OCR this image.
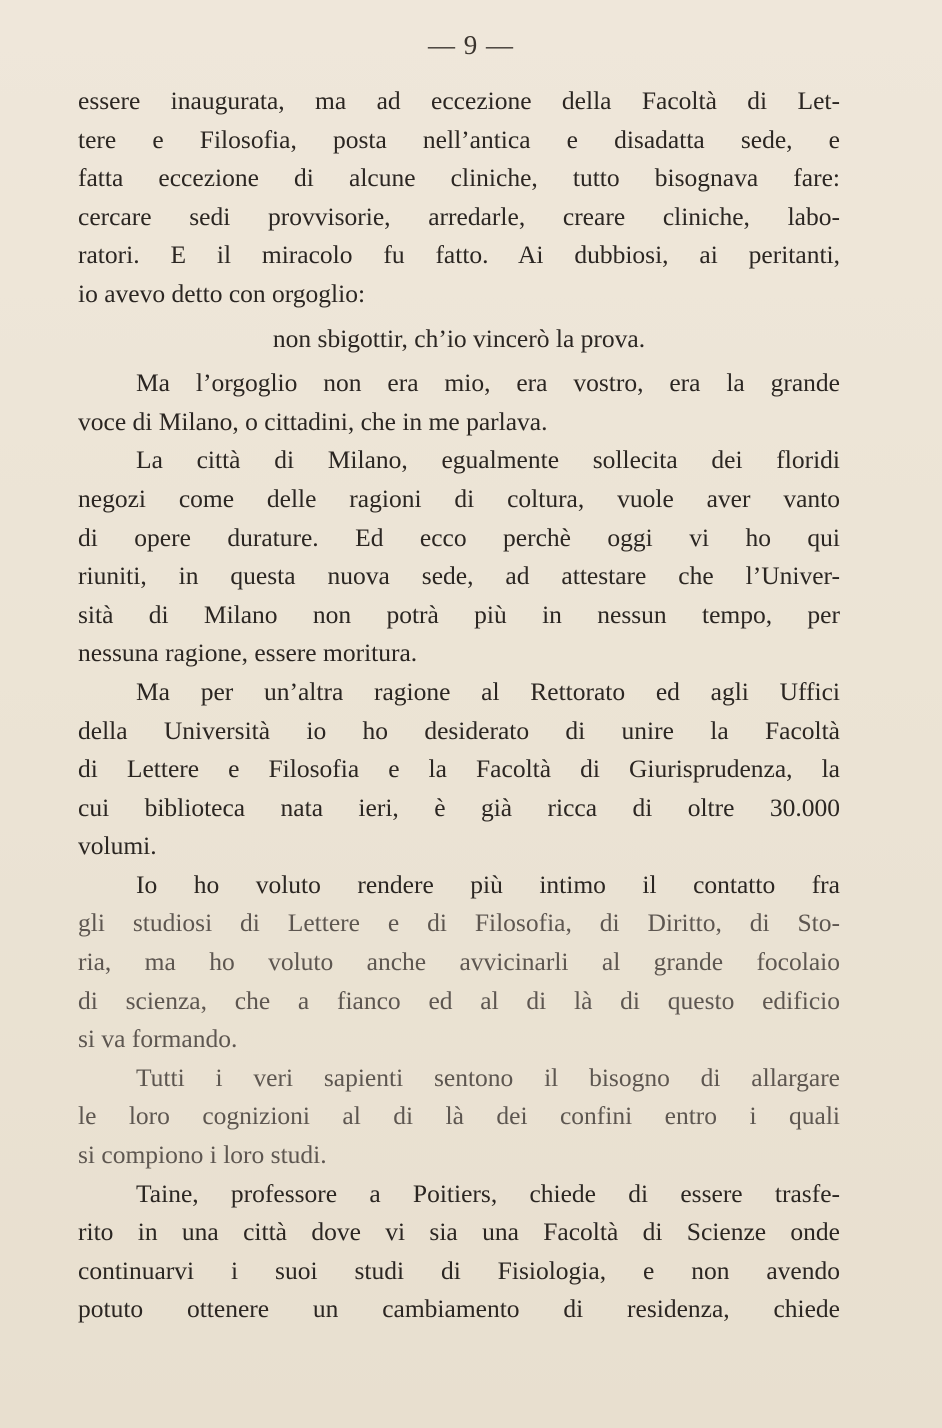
— 9 —
essere inaugurata, ma ad eccezione della Facoltà di Let-
tere e Filosofia, posta nell’antica e disadatta sede, e
fatta eccezione di alcune cliniche, tutto bisognava fare:
cercare sedi provvisorie, arredarle, creare cliniche, labo-
ratori. E il miracolo fu fatto. Ai dubbiosi, ai peritanti,
io avevo detto con orgoglio:
non sbigottir, ch’io vincerò la prova.
Ma l’orgoglio non era mio, era vostro, era la grande
voce di Milano, o cittadini, che in me parlava.
La città di Milano, egualmente sollecita dei floridi
negozi come delle ragioni di coltura, vuole aver vanto
di opere durature. Ed ecco perchè oggi vi ho qui
riuniti, in questa nuova sede, ad attestare che l’Univer-
sità di Milano non potrà più in nessun tempo, per
nessuna ragione, essere moritura.
Ma per un’altra ragione al Rettorato ed agli Uffici
della Università io ho desiderato di unire la Facoltà
di Lettere e Filosofia e la Facoltà di Giurisprudenza, la
cui biblioteca nata ieri, è già ricca di oltre 30.000
volumi.
Io ho voluto rendere più intimo il contatto fra
gli studiosi di Lettere e di Filosofia, di Diritto, di Sto-
ria, ma ho voluto anche avvicinarli al grande focolaio
di scienza, che a fianco ed al di là di questo edificio
si va formando.
Tutti i veri sapienti sentono il bisogno di allargare
le loro cognizioni al di là dei confini entro i quali
si compiono i loro studi.
Taine, professore a Poitiers, chiede di essere trasfe-
rito in una città dove vi sia una Facoltà di Scienze onde
continuarvi i suoi studi di Fisiologia, e non avendo
potuto ottenere un cambiamento di residenza, chiede
